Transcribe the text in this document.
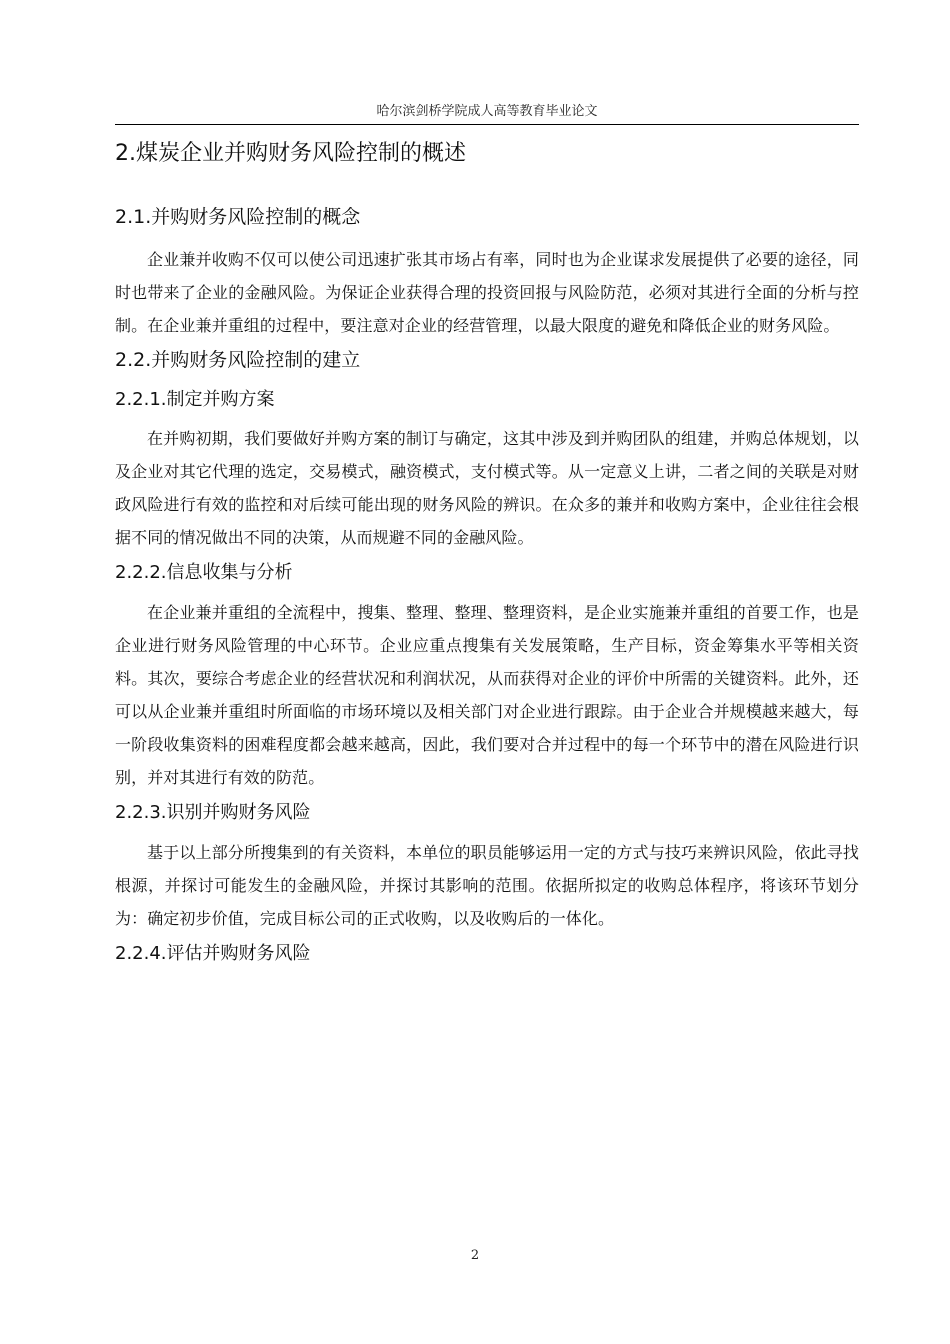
哈尔滨剑桥学院成人高等教育毕业论文
2.煤炭企业并购财务风险控制的概述
2.1.并购财务风险控制的概念

企业兼并收购不仅可以使公司迅速扩张其市场占有率，同时也为企业谋求发展提供了必要的途径，同时也带来了企业的金融风险。为保证企业获得合理的投资回报与风险防范，必须对其进行全面的分析与控制。在企业兼并重组的过程中，要注意对企业的经营管理，以最大限度的避免和降低企业的财务风险。

2.2.并购财务风险控制的建立
2.2.1.制定并购方案

在并购初期，我们要做好并购方案的制订与确定，这其中涉及到并购团队的组建，并购总体规划，以及企业对其它代理的选定，交易模式，融资模式，支付模式等。从一定意义上讲，二者之间的关联是对财政风险进行有效的监控和对后续可能出现的财务风险的辨识。在众多的兼并和收购方案中，企业往往会根据不同的情况做出不同的决策，从而规避不同的金融风险。

2.2.2.信息收集与分析

在企业兼并重组的全流程中，搜集、整理、整理、整理资料，是企业实施兼并重组的首要工作，也是企业进行财务风险管理的中心环节。企业应重点搜集有关发展策略，生产目标，资金筹集水平等相关资料。其次，要综合考虑企业的经营状况和利润状况，从而获得对企业的评价中所需的关键资料。此外，还可以从企业兼并重组时所面临的市场环境以及相关部门对企业进行跟踪。由于企业合并规模越来越大，每一阶段收集资料的困难程度都会越来越高，因此，我们要对合并过程中的每一个环节中的潜在风险进行识别，并对其进行有效的防范。

2.2.3.识别并购财务风险

基于以上部分所搜集到的有关资料，本单位的职员能够运用一定的方式与技巧来辨识风险，依此寻找根源，并探讨可能发生的金融风险，并探讨其影响的范围。依据所拟定的收购总体程序，将该环节划分为：确定初步价值，完成目标公司的正式收购，以及收购后的一体化。

2.2.4.评估并购财务风险
2
